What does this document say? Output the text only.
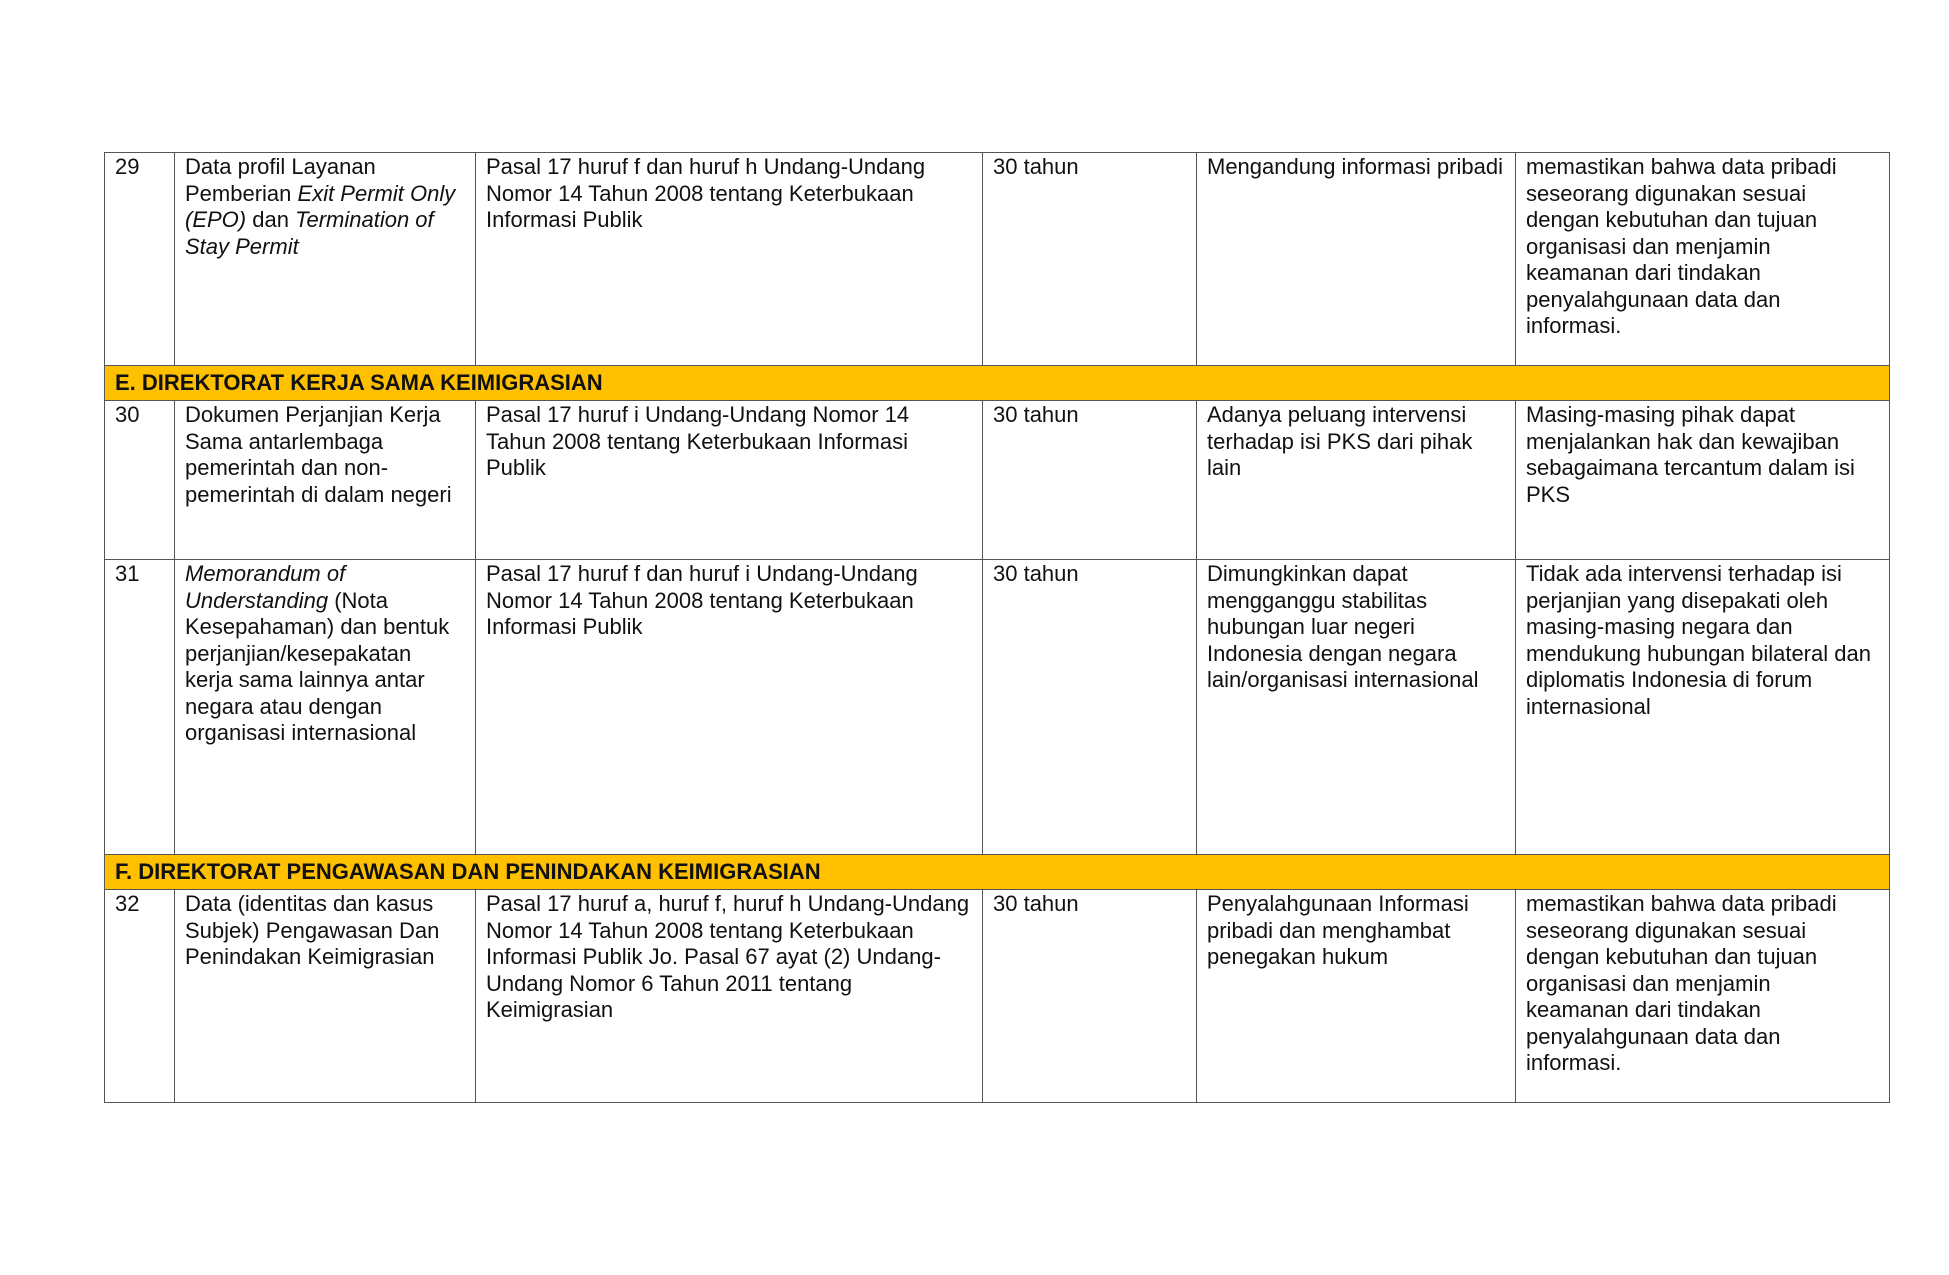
29	Data profil Layanan Pemberian Exit Permit Only (EPO) dan Termination of Stay Permit	Pasal 17 huruf f dan huruf h Undang-Undang Nomor 14 Tahun 2008 tentang Keterbukaan Informasi Publik	30 tahun	Mengandung informasi pribadi	memastikan bahwa data pribadi seseorang digunakan sesuai dengan kebutuhan dan tujuan organisasi dan menjamin keamanan dari tindakan penyalahgunaan data dan informasi.

E. DIREKTORAT KERJA SAMA KEIMIGRASIAN					

30	Dokumen Perjanjian Kerja Sama antarlembaga pemerintah dan non-pemerintah di dalam negeri	Pasal 17 huruf i Undang-Undang Nomor 14 Tahun 2008 tentang Keterbukaan Informasi Publik	30 tahun	Adanya peluang intervensi terhadap isi PKS dari pihak lain	Masing-masing pihak dapat menjalankan hak dan kewajiban sebagaimana tercantum dalam isi PKS

31	Memorandum of Understanding (Nota Kesepahaman) dan bentuk perjanjian/kesepakatan kerja sama lainnya antar negara atau dengan organisasi internasional	Pasal 17 huruf f dan huruf i Undang-Undang Nomor 14 Tahun 2008 tentang Keterbukaan Informasi Publik	30 tahun	Dimungkinkan dapat mengganggu stabilitas hubungan luar negeri Indonesia dengan negara lain/organisasi internasional	Tidak ada intervensi terhadap isi perjanjian yang disepakati oleh masing-masing negara dan mendukung hubungan bilateral dan diplomatis Indonesia di forum internasional

F. DIREKTORAT PENGAWASAN DAN PENINDAKAN KEIMIGRASIAN					

32	Data (identitas dan kasus Subjek) Pengawasan Dan Penindakan Keimigrasian	Pasal 17 huruf a, huruf f, huruf h Undang-Undang Nomor 14 Tahun 2008 tentang Keterbukaan Informasi Publik Jo. Pasal 67 ayat (2) Undang-Undang Nomor 6 Tahun 2011 tentang Keimigrasian	30 tahun	Penyalahgunaan Informasi pribadi dan menghambat penegakan hukum	memastikan bahwa data pribadi seseorang digunakan sesuai dengan kebutuhan dan tujuan organisasi dan menjamin keamanan dari tindakan penyalahgunaan data dan informasi.
